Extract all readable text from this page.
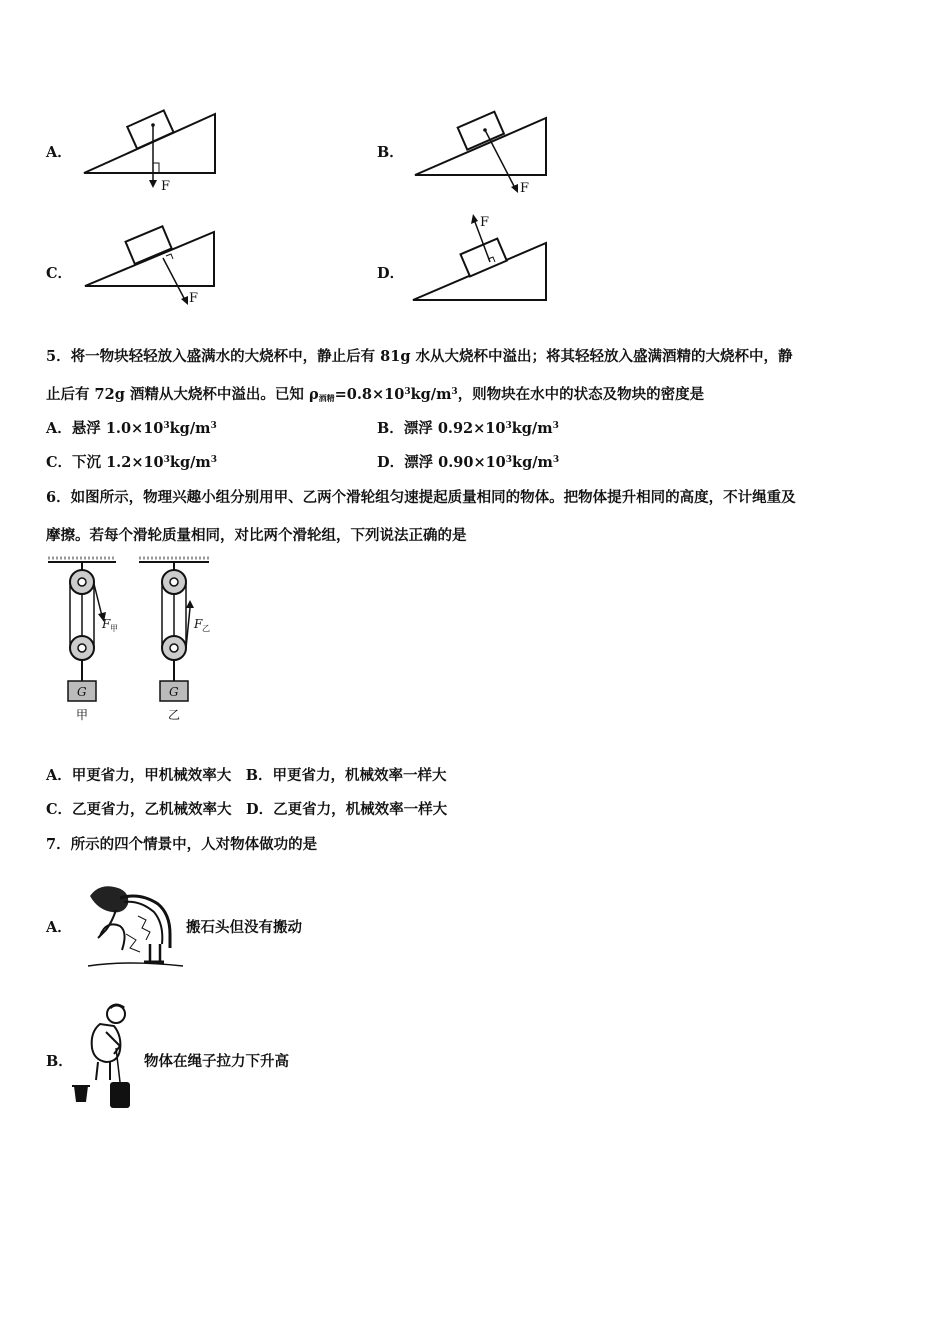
A．
F
B．
F
C．
F
D．
F
5．将一物块轻轻放入盛满水的大烧杯中，静止后有 81g 水从大烧杯中溢出；将其轻轻放入盛满酒精的大烧杯中，静
止后有 72g 酒精从大烧杯中溢出。已知 $\rho_{酒精}=0.8\times 10^3kg/m^3$，则物块在水中的状态及物块的密度是
A．悬浮 $1.0\times 10^3kg/m^3$	B．漂浮 $0.92\times 10^3kg/m^3$
C．下沉 $1.2\times 10^3kg/m^3$	D．漂浮 $0.90\times 10^3kg/m^3$
6．如图所示，物理兴趣小组分别用甲、乙两个滑轮组匀速提起质量相同的物体。把物体提升相同的高度，不计绳重及
摩擦。若每个滑轮质量相同，对比两个滑轮组，下列说法正确的是
G
F 甲
甲
G
F 乙
乙
A．甲更省力，甲机械效率大　B．甲更省力，机械效率一样大
C．乙更省力，乙机械效率大　D．乙更省力，机械效率一样大
7．所示的四个情景中，人对物体做功的是
A．	搬石头但没有搬动
B．	物体在绳子拉力下升高
